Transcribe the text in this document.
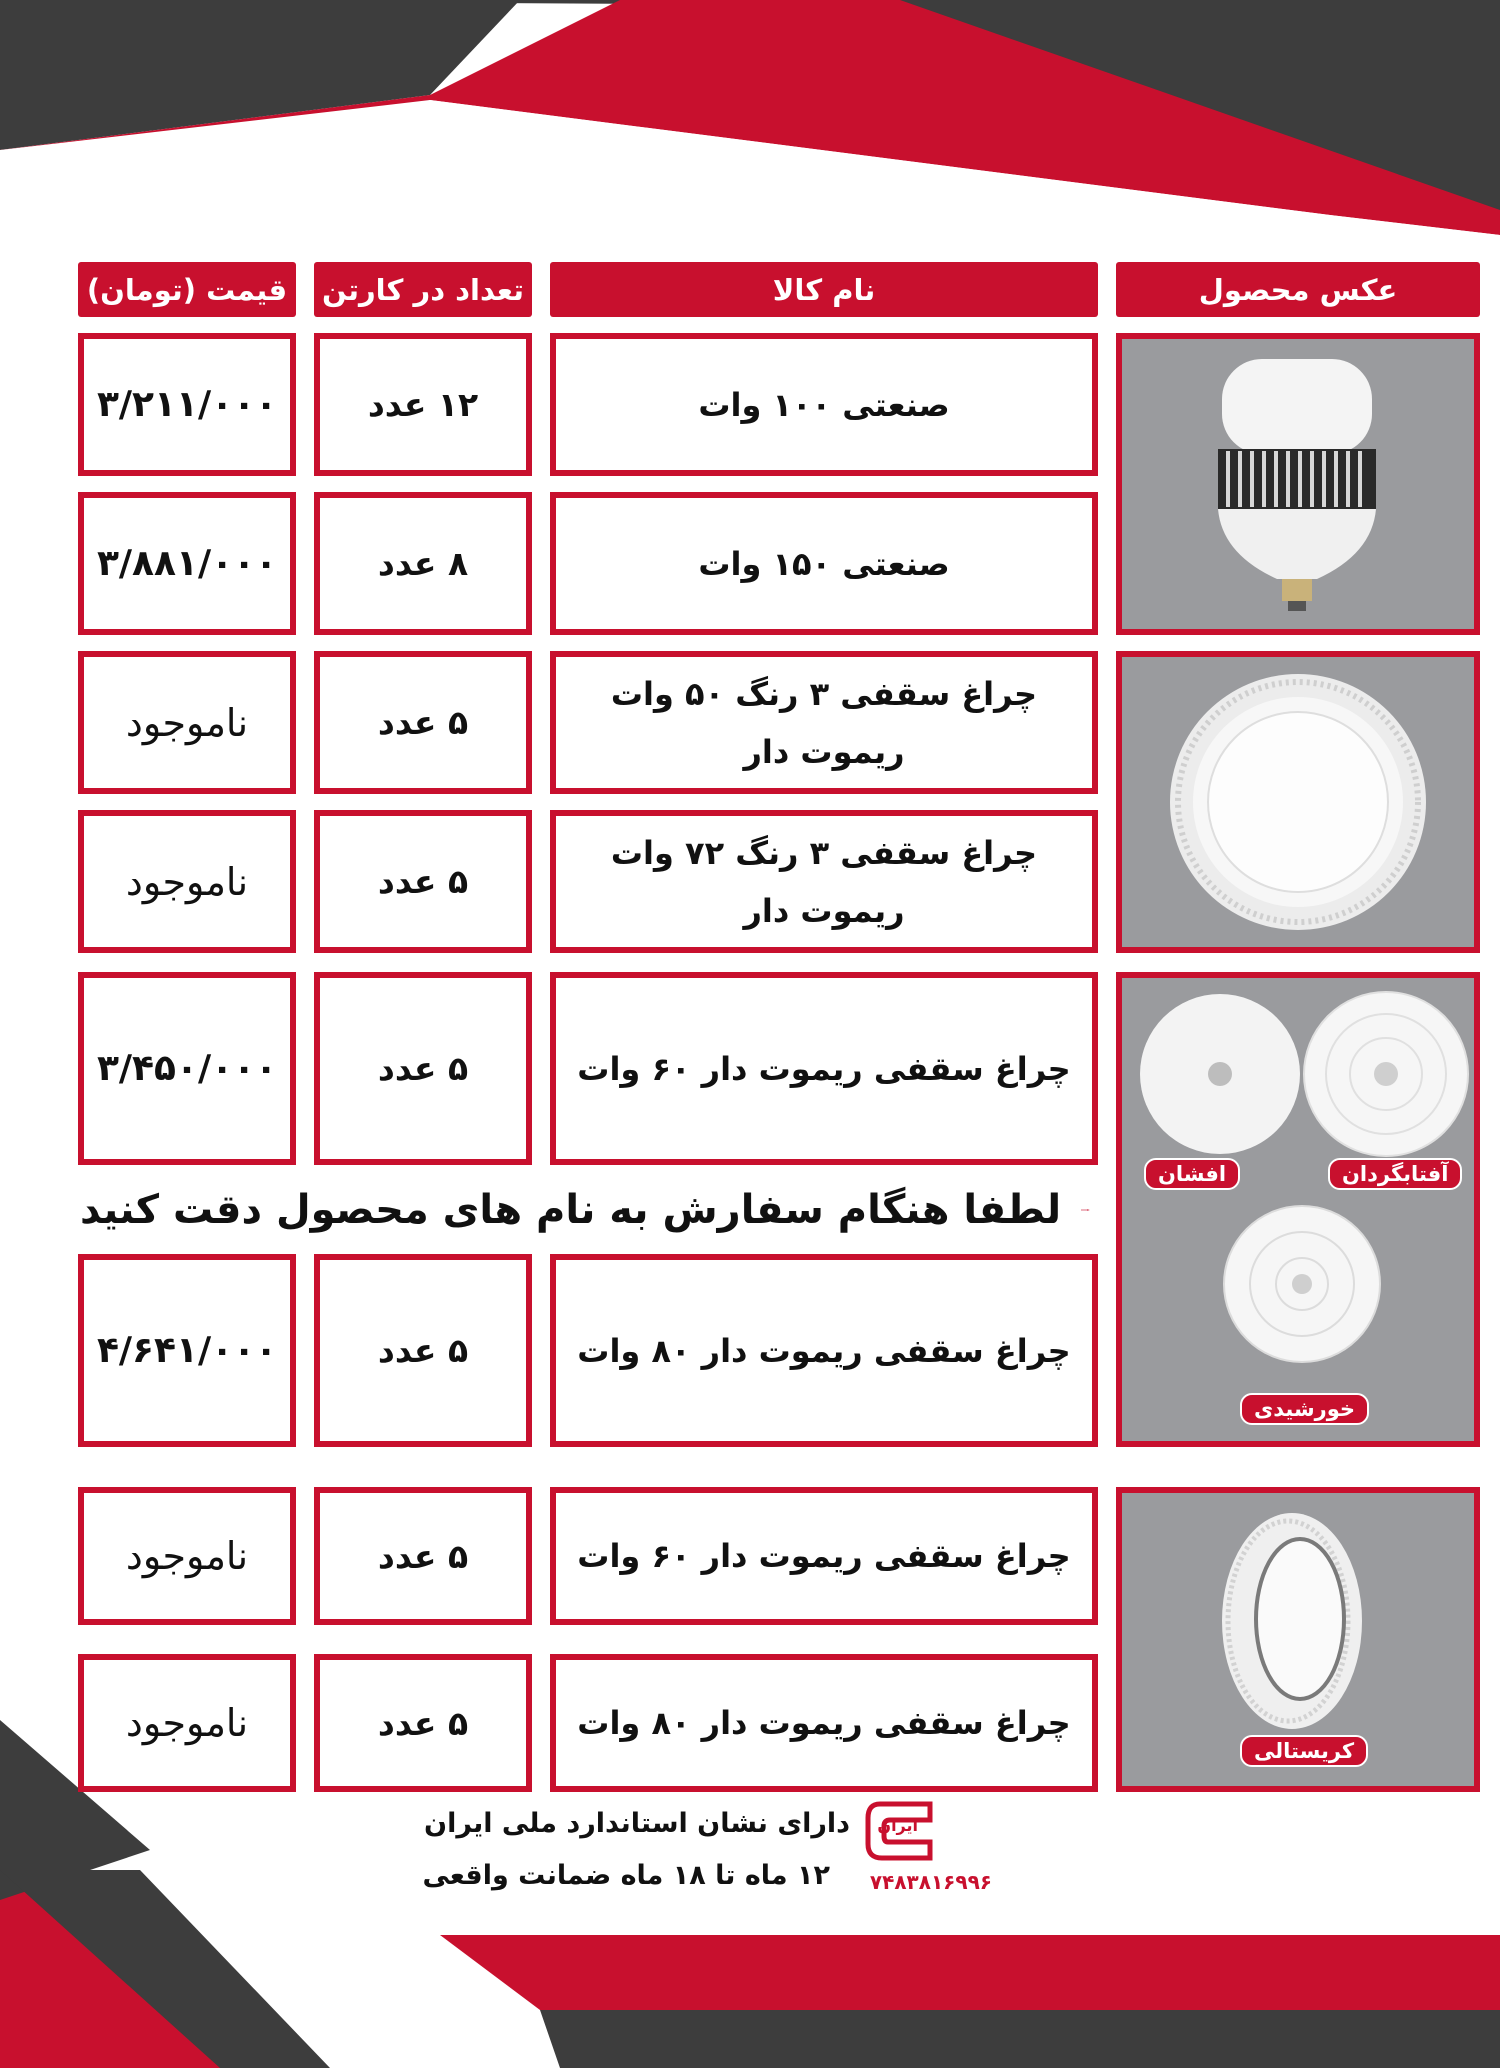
عکس محصول
نام کالا
تعداد در کارتن
قیمت (تومان)
صنعتی ۱۰۰ وات
۱۲ عدد
۳/۲۱۱/۰۰۰
صنعتی ۱۵۰ وات
۸ عدد
۳/۸۸۱/۰۰۰
چراغ سقفی ۳ رنگ ۵۰ وات
ریموت دار
۵ عدد
ناموجود
چراغ سقفی ۳ رنگ ۷۲ وات
ریموت دار
۵ عدد
ناموجود
چراغ سقفی ریموت دار ۶۰ وات
۵ عدد
۳/۴۵۰/۰۰۰
لطفا هنگام سفارش به نام های محصول دقت کنید
چراغ سقفی ریموت دار ۸۰ وات
۵ عدد
۴/۶۴۱/۰۰۰
چراغ سقفی ریموت دار ۶۰ وات
۵ عدد
ناموجود
چراغ سقفی ریموت دار ۸۰ وات
۵ عدد
ناموجود
افشان	آفتابگردان
خورشیدی
کریستالی
ایران
دارای نشان استاندارد ملی ایران
۱۲ ماه تا ۱۸ ماه ضمانت واقعی ۷۴۸۳۸۱۶۹۹۶
